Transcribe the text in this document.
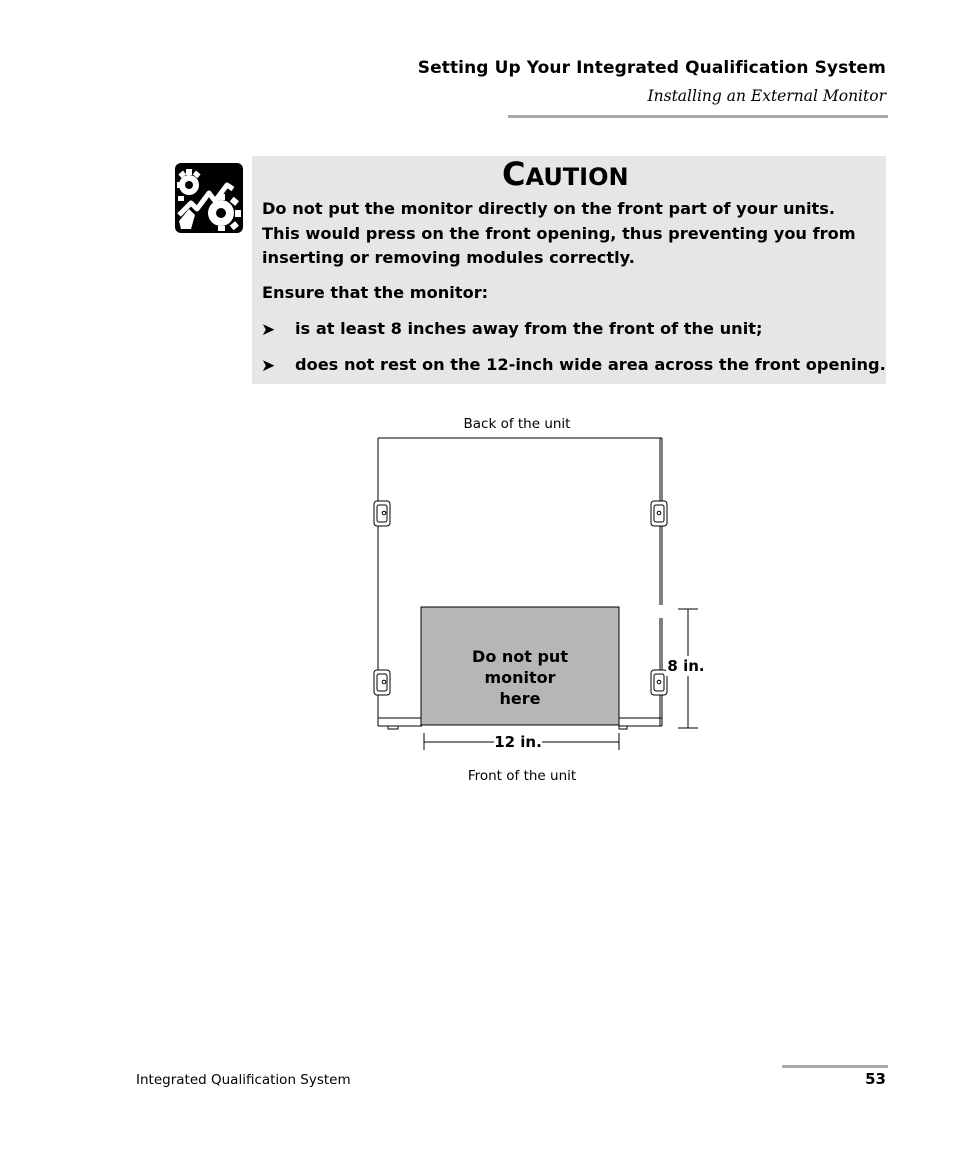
Setting Up Your Integrated Qualification System
Installing an External Monitor
CAUTION
Do not put the monitor directly on the front part of your units. This would press on the front opening, thus preventing you from inserting or removing modules correctly.
Ensure that the monitor:
➤ is at least 8 inches away from the front of the unit;
➤ does not rest on the 12-inch wide area across the front opening.
Back of the unit
Front of the unit
Do not put
monitor
here
8 in.
12 in.
Integrated Qualification System	53
